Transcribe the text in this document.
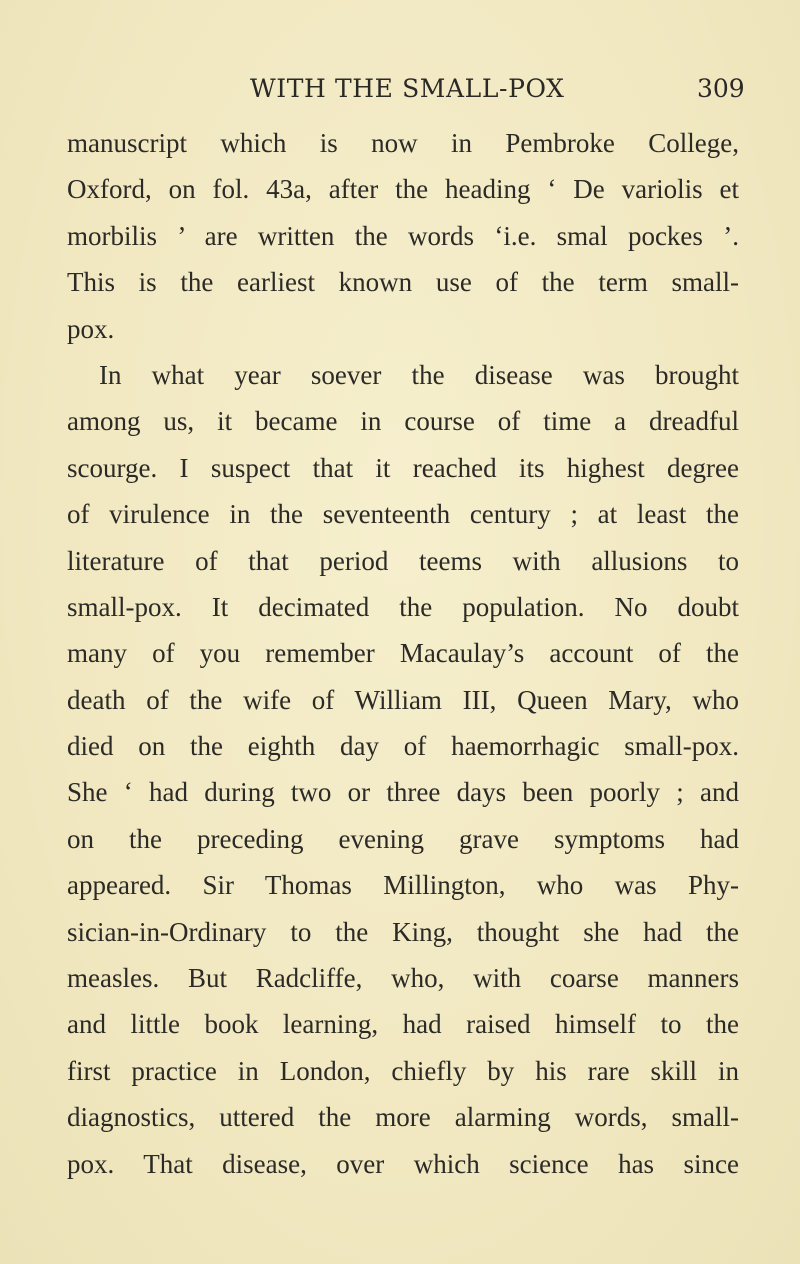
WITH THE SMALL-POX	309
manuscript which is now in Pembroke College,
Oxford, on fol. 43a, after the heading ‘ De variolis et
morbilis ’ are written the words ‘i.e. smal pockes ’.
This is the earliest known use of the term small-
pox.
In what year soever the disease was brought
among us, it became in course of time a dreadful
scourge. I suspect that it reached its highest degree
of virulence in the seventeenth century ; at least the
literature of that period teems with allusions to
small-pox. It decimated the population. No doubt
many of you remember Macaulay’s account of the
death of the wife of William III, Queen Mary, who
died on the eighth day of haemorrhagic small-pox.
She ‘ had during two or three days been poorly ; and
on the preceding evening grave symptoms had
appeared. Sir Thomas Millington, who was Phy-
sician-in-Ordinary to the King, thought she had the
measles. But Radcliffe, who, with coarse manners
and little book learning, had raised himself to the
first practice in London, chiefly by his rare skill in
diagnostics, uttered the more alarming words, small-
pox. That disease, over which science has since
